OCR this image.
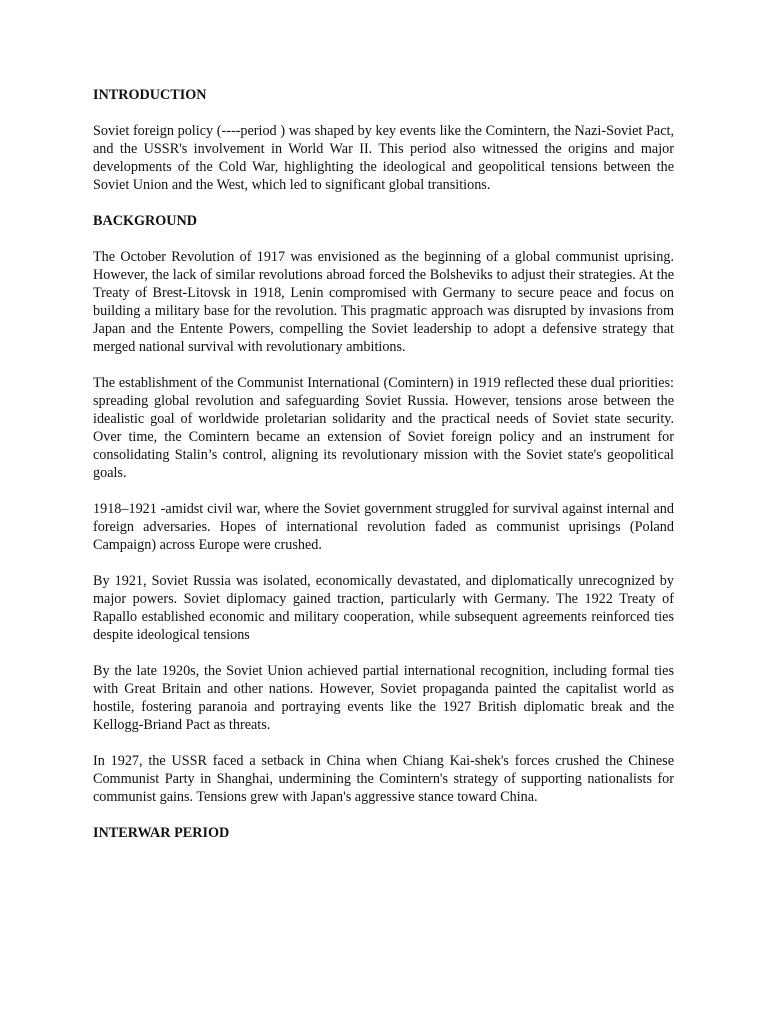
INTRODUCTION

Soviet foreign policy (----period ) was shaped by key events like the Comintern, the Nazi-Soviet Pact, and the USSR's involvement in World War II. This period also witnessed the origins and major developments of the Cold War, highlighting the ideological and geopolitical tensions between the Soviet Union and the West, which led to significant global transitions.

BACKGROUND

The October Revolution of 1917 was envisioned as the beginning of a global communist uprising. However, the lack of similar revolutions abroad forced the Bolsheviks to adjust their strategies. At the Treaty of Brest-Litovsk in 1918, Lenin compromised with Germany to secure peace and focus on building a military base for the revolution. This pragmatic approach was disrupted by invasions from Japan and the Entente Powers, compelling the Soviet leadership to adopt a defensive strategy that merged national survival with revolutionary ambitions.

The establishment of the Communist International (Comintern) in 1919 reflected these dual priorities: spreading global revolution and safeguarding Soviet Russia. However, tensions arose between the idealistic goal of worldwide proletarian solidarity and the practical needs of Soviet state security. Over time, the Comintern became an extension of Soviet foreign policy and an instrument for consolidating Stalin’s control, aligning its revolutionary mission with the Soviet state's geopolitical goals.

1918–1921 -amidst civil war, where the Soviet government struggled for survival against internal and foreign adversaries. Hopes of international revolution faded as communist uprisings (Poland Campaign) across Europe were crushed.

By 1921, Soviet Russia was isolated, economically devastated, and diplomatically unrecognized by major powers. Soviet diplomacy gained traction, particularly with Germany. The 1922 Treaty of Rapallo established economic and military cooperation, while subsequent agreements reinforced ties despite ideological tensions

By the late 1920s, the Soviet Union achieved partial international recognition, including formal ties with Great Britain and other nations. However, Soviet propaganda painted the capitalist world as hostile, fostering paranoia and portraying events like the 1927 British diplomatic break and the Kellogg-Briand Pact as threats.

In 1927, the USSR faced a setback in China when Chiang Kai-shek's forces crushed the Chinese Communist Party in Shanghai, undermining the Comintern's strategy of supporting nationalists for communist gains. Tensions grew with Japan's aggressive stance toward China.

INTERWAR PERIOD
